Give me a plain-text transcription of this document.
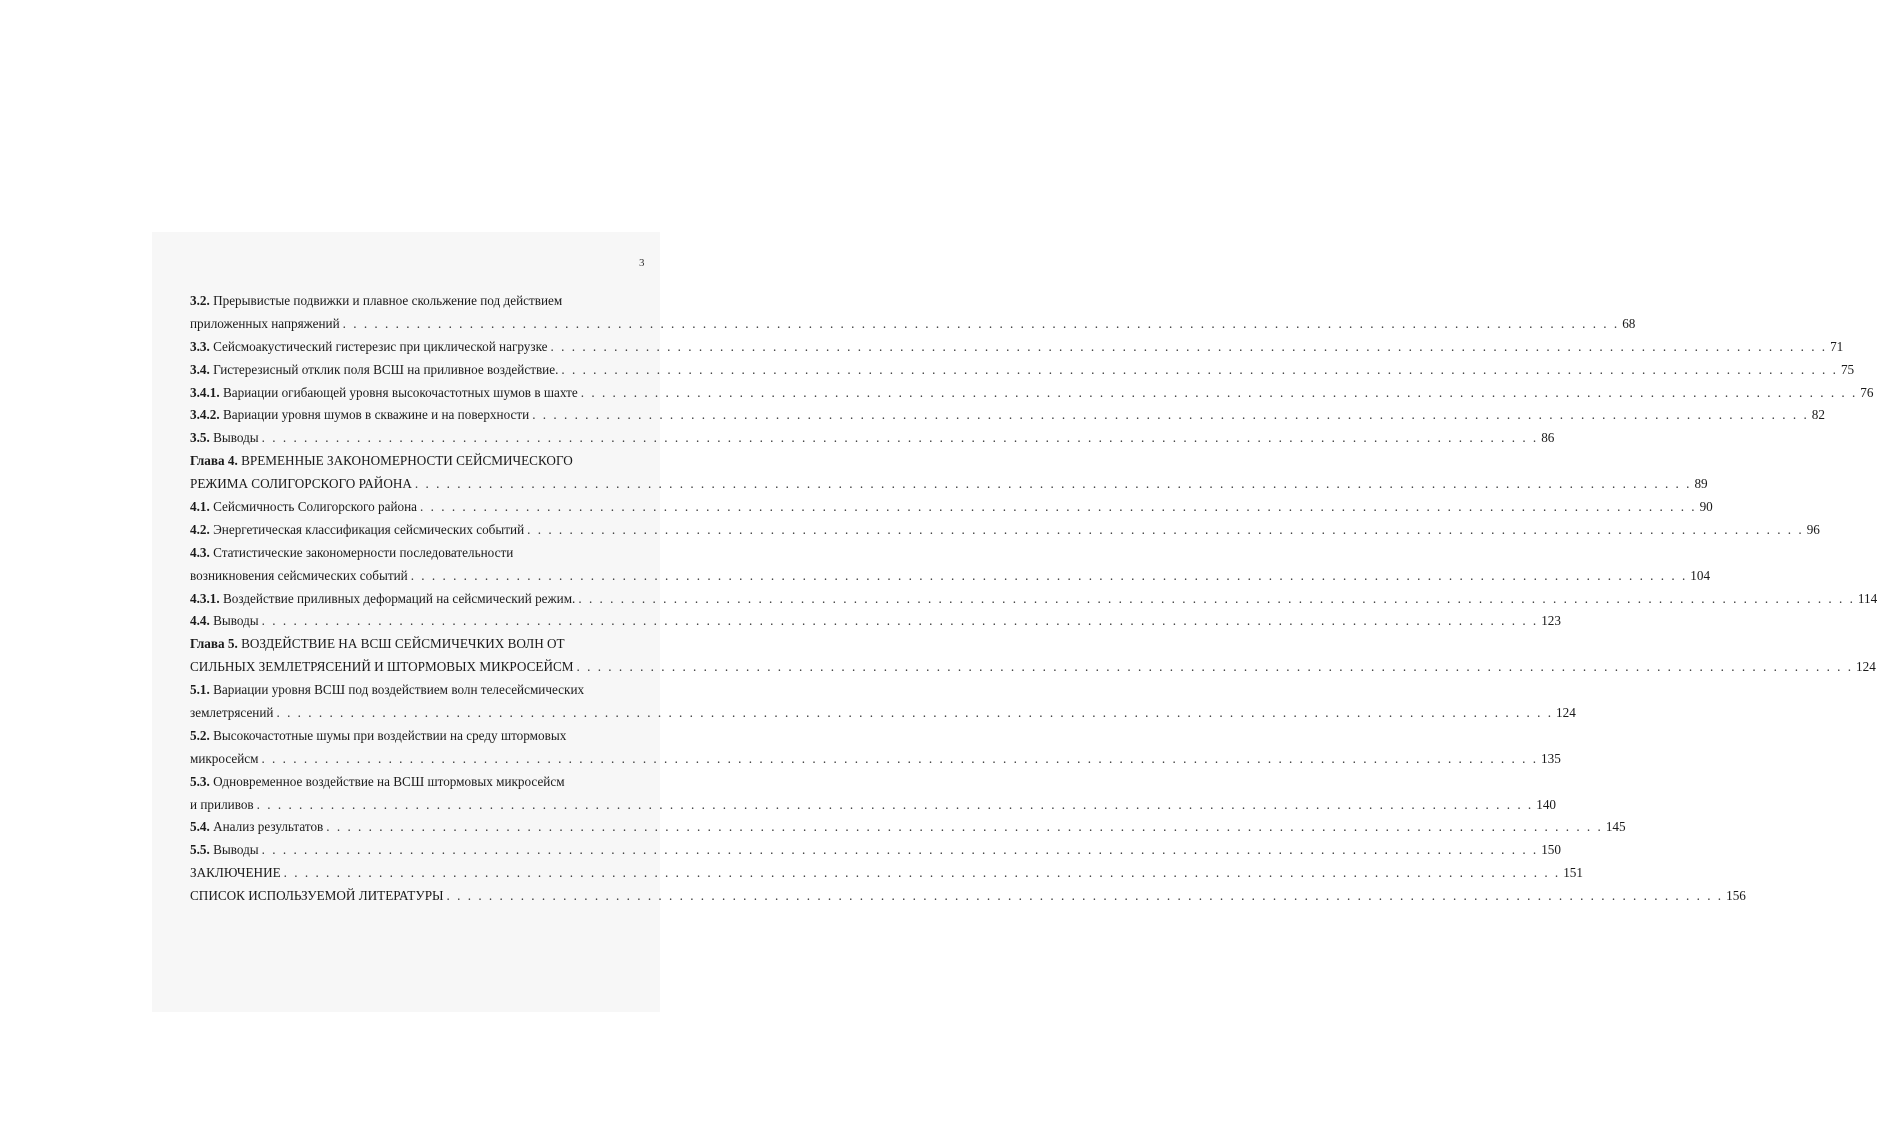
3
3.2. Прерывистые подвижки и плавное скольжение под действием
приложенных напряжений . . .	68
3.3. Сейсмоакустический гистерезис при циклической нагрузке . . .	71
3.4. Гистерезисный отклик поля ВСШ на приливное воздействие. . . .	75
3.4.1. Вариации огибающей уровня высокочастотных шумов в шахте . . .	76
3.4.2. Вариации уровня шумов в скважине и на поверхности . . .	82
3.5. Выводы . . .	86
Глава 4. ВРЕМЕННЫЕ ЗАКОНОМЕРНОСТИ СЕЙСМИЧЕСКОГО
РЕЖИМА СОЛИГОРСКОГО РАЙОНА . . .	89
4.1. Сейсмичность Солигорского района . . .	90
4.2. Энергетическая классификация сейсмических событий . . .	96
4.3. Статистические закономерности последовательности
возникновения сейсмических событий . . .	104
4.3.1. Воздействие приливных деформаций на сейсмический режим. . . .	114
4.4. Выводы . . .	123
Глава 5. ВОЗДЕЙСТВИЕ НА ВСШ СЕЙСМИЧЕЧКИХ ВОЛН ОТ
СИЛЬНЫХ ЗЕМЛЕТРЯСЕНИЙ И ШТОРМОВЫХ МИКРОСЕЙСМ . . .	124
5.1. Вариации уровня ВСШ под воздействием волн телесейсмических
землетрясений . . .	124
5.2. Высокочастотные шумы при воздействии на среду штормовых
микросейсм . . .	135
5.3. Одновременное воздействие на ВСШ штормовых микросейсм
и приливов . . .	140
5.4. Анализ результатов . . .	145
5.5. Выводы . . .	150
ЗАКЛЮЧЕНИЕ . . .	151
СПИСОК ИСПОЛЬЗУЕМОЙ ЛИТЕРАТУРЫ . . .	156
